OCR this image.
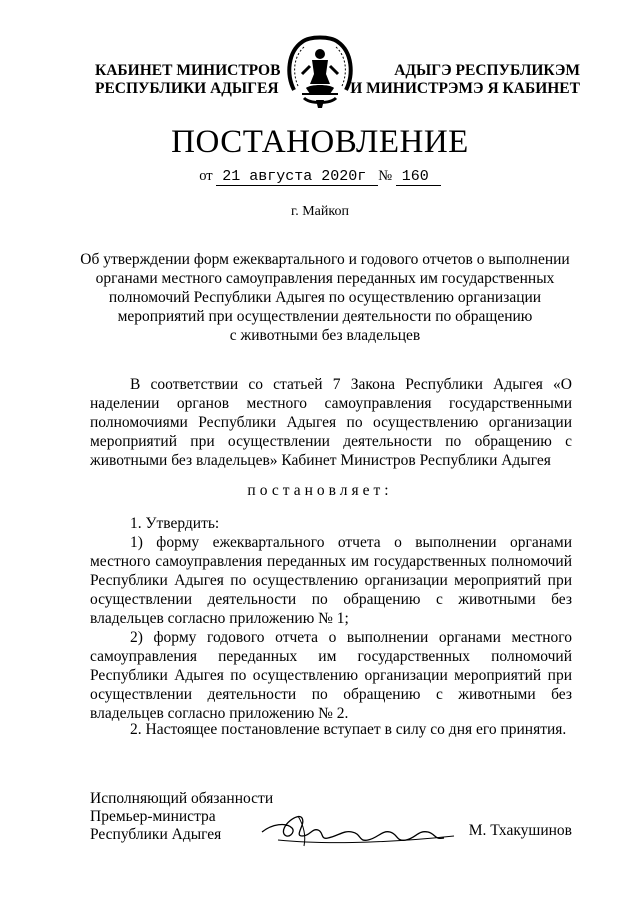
КАБИНЕТ МИНИСТРОВ
РЕСПУБЛИКИ АДЫГЕЯ
АДЫГЭ РЕСПУБЛИКЭМ
И МИНИСТРЭМЭ Я КАБИНЕТ
ПОСТАНОВЛЕНИЕ
от 21 августа 2020г № 160
г. Майкоп
Об утверждении форм ежеквартального и годового отчетов о выполнении
органами местного самоуправления переданных им государственных
полномочий Республики Адыгея по осуществлению организации
мероприятий при осуществлении деятельности по обращению
с животными без владельцев
В соответствии со статьей 7 Закона Республики Адыгея «О наделении органов местного самоуправления государственными полномочиями Республики Адыгея по осуществлению организации мероприятий при осуществлении деятельности по обращению с животными без владельцев» Кабинет Министров Республики Адыгея
постановляет:

1. Утвердить:

1) форму ежеквартального отчета о выполнении органами местного самоуправления переданных им государственных полномочий Республики Адыгея по осуществлению организации мероприятий при осуществлении деятельности по обращению с животными без владельцев согласно приложению № 1;

2) форму годового отчета о выполнении органами местного самоуправления переданных им государственных полномочий Республики Адыгея по осуществлению организации мероприятий при осуществлении деятельности по обращению с животными без владельцев согласно приложению № 2.

2. Настоящее постановление вступает в силу со дня его принятия.
Исполняющий обязанности
Премьер-министра
Республики Адыгея	М. Тхакушинов
